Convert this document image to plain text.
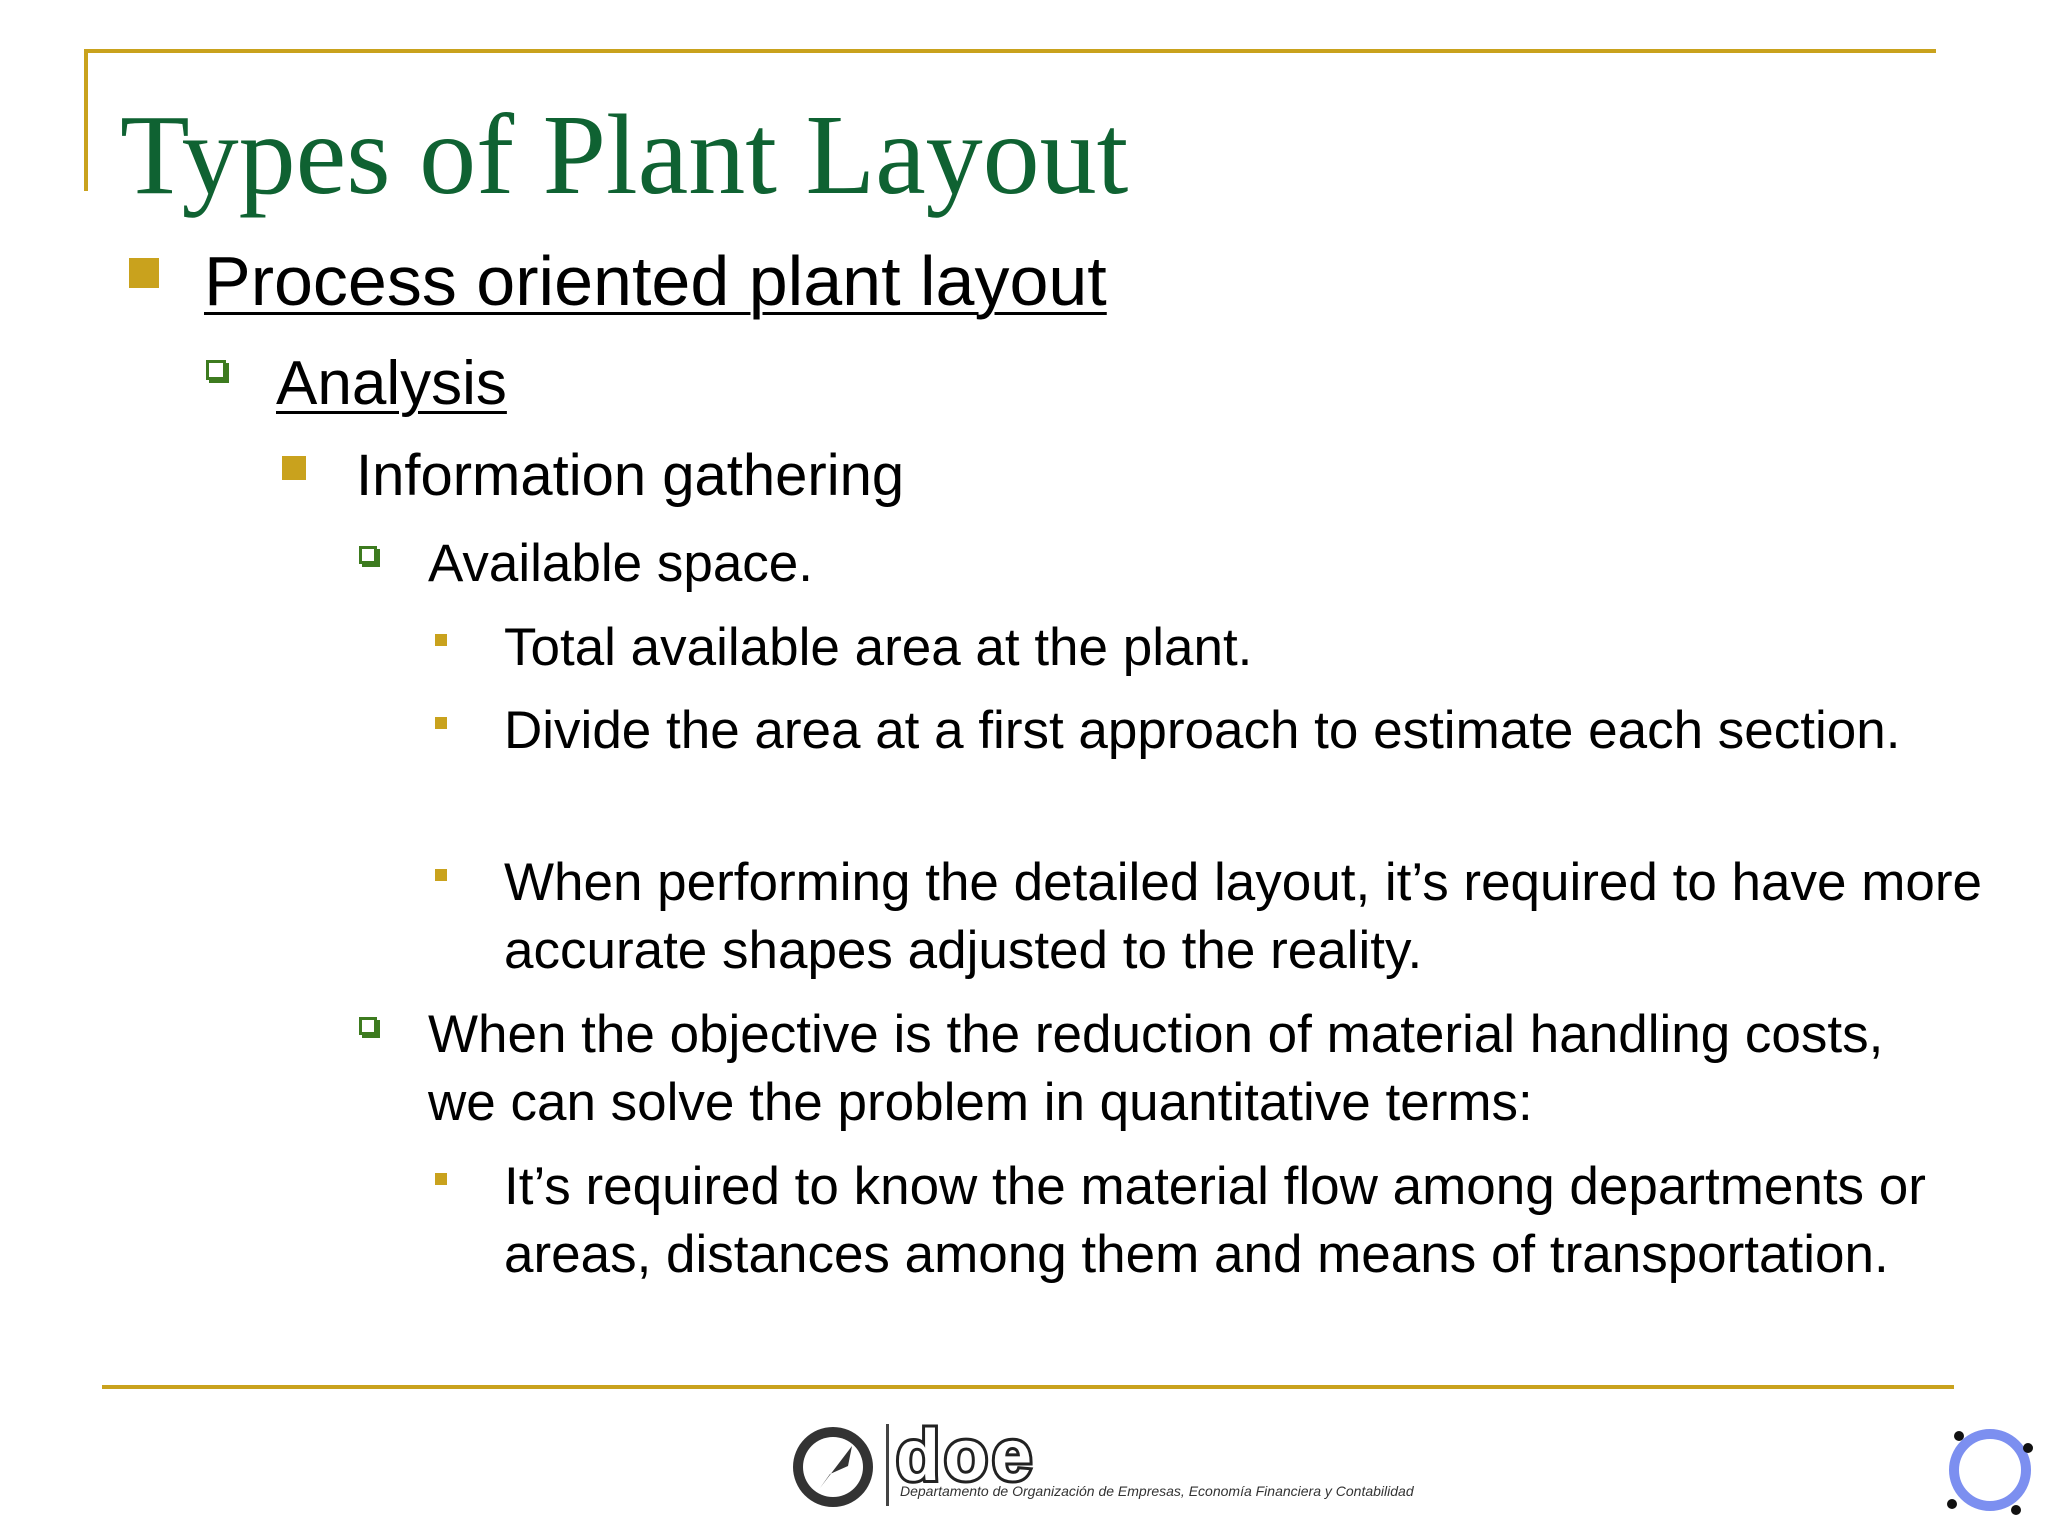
Types of Plant Layout
Process oriented plant layout
Analysis
Information gathering
Available space.
Total available area at the plant.
Divide the area at a first approach to estimate each section.
When performing the detailed layout, it’s required to have more accurate shapes adjusted to the reality.
When the objective is the reduction of material handling costs, we can solve the problem in quantitative terms:
It’s required to know the material flow among departments or areas, distances among them and means of transportation.
doe

Departamento de Organización de Empresas, Economía Financiera y Contabilidad
